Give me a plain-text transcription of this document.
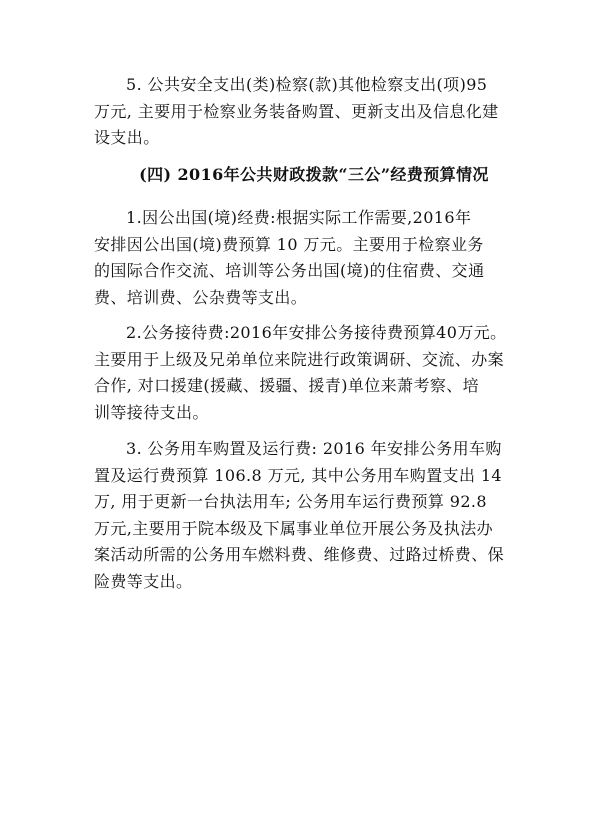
5. 公共安全支出(类)检察(款)其他检察支出(项)95
万元, 主要用于检察业务装备购置、更新支出及信息化建
设支出。
(四) 2016年公共财政拨款“三公”经费预算情况
1.因公出国(境)经费:根据实际工作需要,2016年
安排因公出国(境)费预算 10 万元。主要用于检察业务
的国际合作交流、培训等公务出国(境)的住宿费、交通
费、培训费、公杂费等支出。
2.公务接待费:2016年安排公务接待费预算40万元。
主要用于上级及兄弟单位来院进行政策调研、交流、办案
合作, 对口援建(援藏、援疆、援青)单位来萧考察、培
训等接待支出。
3. 公务用车购置及运行费: 2016 年安排公务用车购
置及运行费预算 106.8 万元, 其中公务用车购置支出 14
万, 用于更新一台执法用车; 公务用车运行费预算 92.8
万元,主要用于院本级及下属事业单位开展公务及执法办
案活动所需的公务用车燃料费、维修费、过路过桥费、保
险费等支出。
